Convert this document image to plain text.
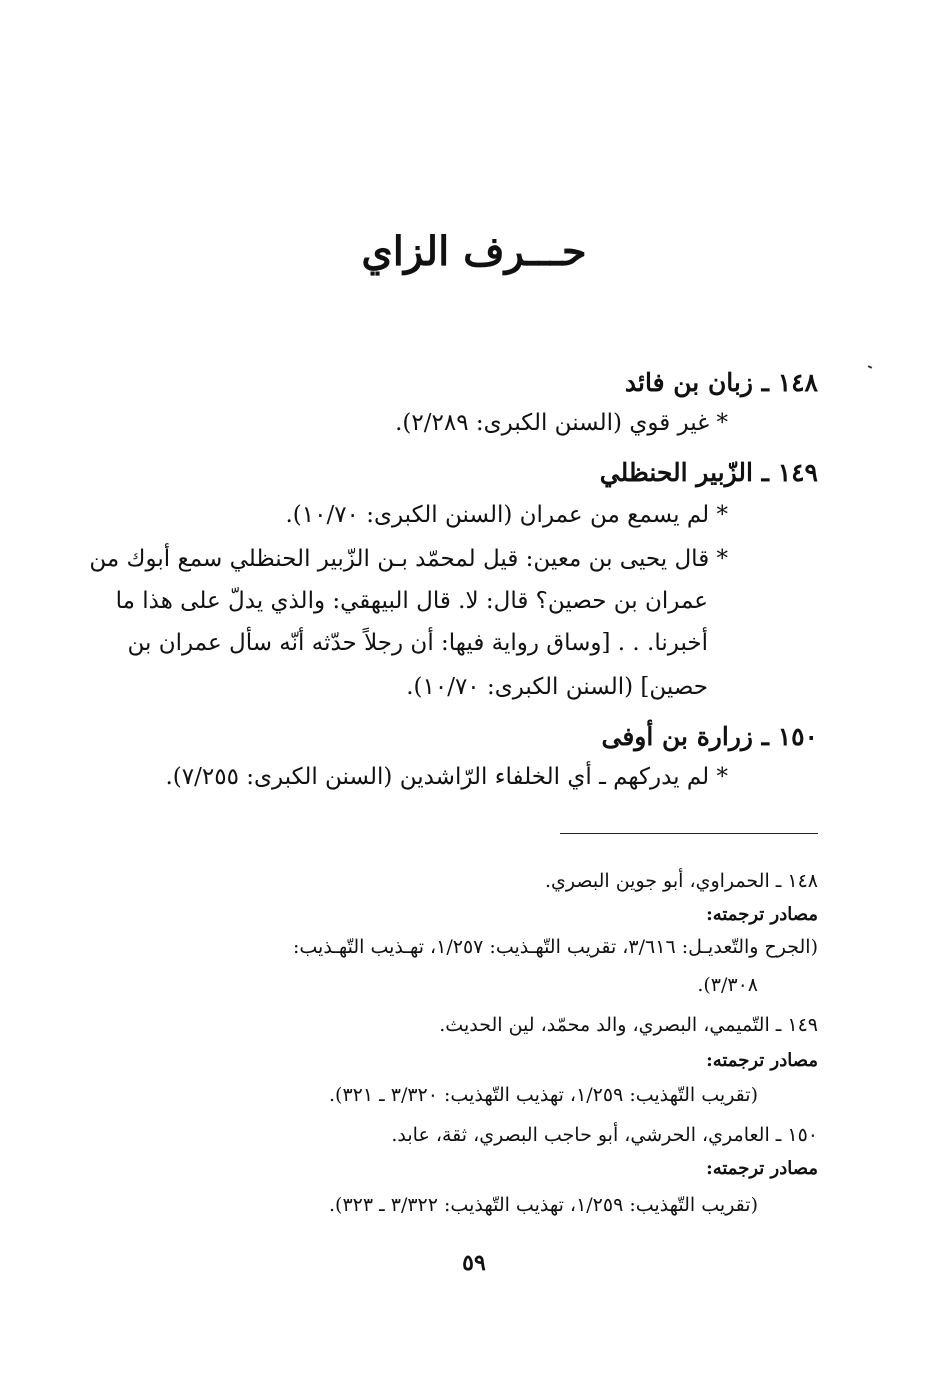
حـــرف الزاي
١٤٨ ـ زبان بن فائد
* غير قوي (السنن الكبرى: ٢/٢٨٩).
١٤٩ ـ الزّبير الحنظلي
* لم يسمع من عمران (السنن الكبرى: ١٠/٧٠).
* قال يحيى بن معين: قيل لمحمّد بـن الزّبير الحنظلي سمع أبوك من
عمران بن حصين؟ قال: لا. قال البيهقي: والذي يدلّ على هذا ما
أخبرنا. . . [وساق رواية فيها: أن رجلاً حدّثه أنّه سأل عمران بن
حصين] (السنن الكبرى: ١٠/٧٠).
١٥٠ ـ زرارة بن أوفى
* لم يدركهم ـ أي الخلفاء الرّاشدين (السنن الكبرى: ٧/٢٥٥).
١٤٨ ـ الحمراوي، أبو جوين البصري.
مصادر ترجمته:
(الجرح والتّعديـل: ٣/٦١٦، تقريب التّهـذيب: ١/٢٥٧، تهـذيب التّهـذيب:
٣/٣٠٨).
١٤٩ ـ التّميمي، البصري، والد محمّد، لين الحديث.
مصادر ترجمته:
(تقريب التّهذيب: ١/٢٥٩، تهذيب التّهذيب: ٣/٣٢٠ ـ ٣٢١).
١٥٠ ـ العامري، الحرشي، أبو حاجب البصري، ثقة، عابد.
مصادر ترجمته:
(تقريب التّهذيب: ١/٢٥٩، تهذيب التّهذيب: ٣/٣٢٢ ـ ٣٢٣).
٥٩
